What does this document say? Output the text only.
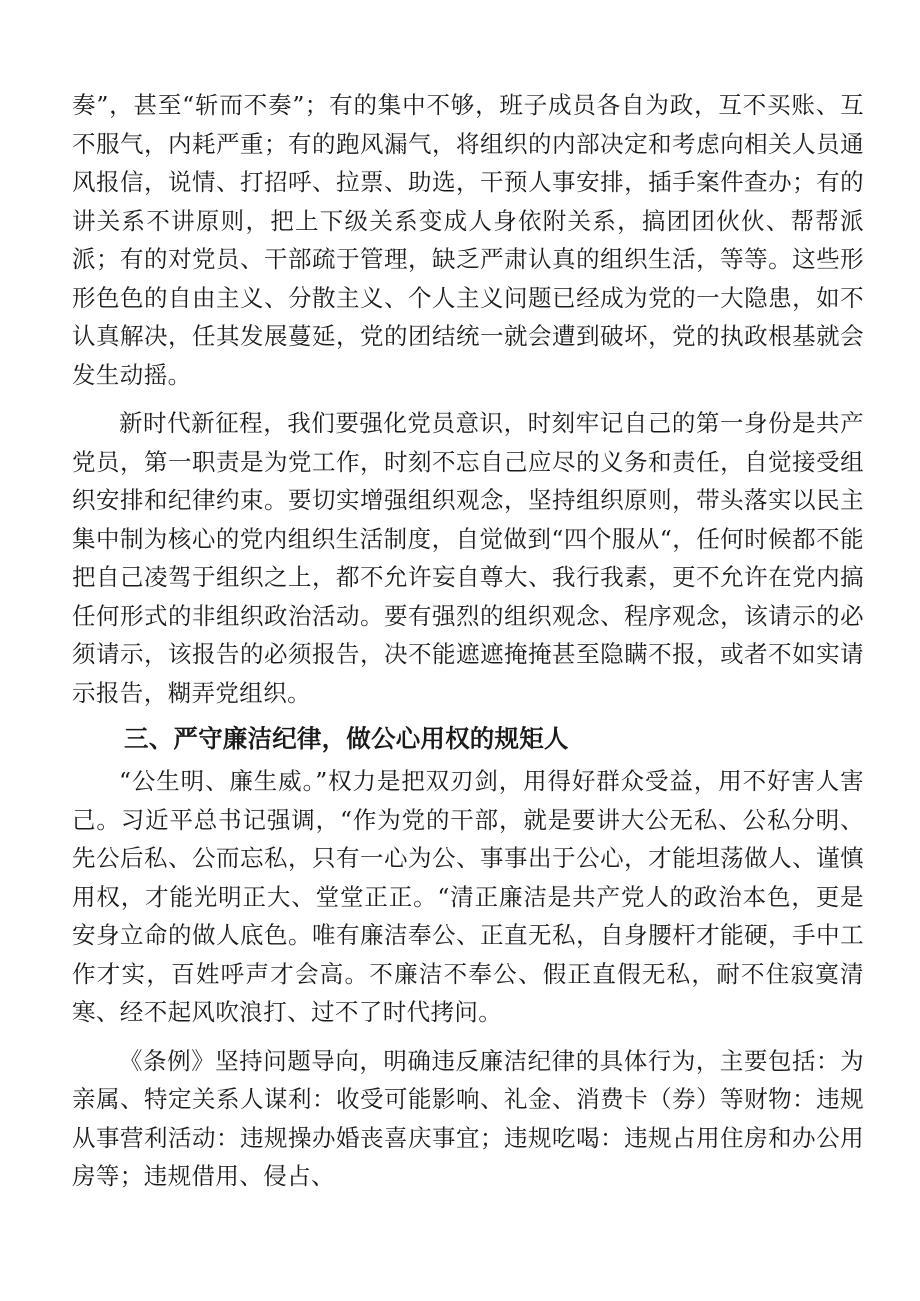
奏”，甚至“斩而不奏”；有的集中不够，班子成员各自为政，互不买账、互不服气，内耗严重；有的跑风漏气，将组织的内部决定和考虑向相关人员通风报信，说情、打招呼、拉票、助选，干预人事安排，插手案件查办；有的讲关系不讲原则，把上下级关系变成人身依附关系，搞团团伙伙、帮帮派派；有的对党员、干部疏于管理，缺乏严肃认真的组织生活，等等。这些形形色色的自由主义、分散主义、个人主义问题已经成为党的一大隐患，如不认真解决，任其发展蔓延，党的团结统一就会遭到破坏，党的执政根基就会发生动摇。

新时代新征程，我们要强化党员意识，时刻牢记自己的第一身份是共产党员，第一职责是为党工作，时刻不忘自己应尽的义务和责任，自觉接受组织安排和纪律约束。要切实增强组织观念，坚持组织原则，带头落实以民主集中制为核心的党内组织生活制度，自觉做到“四个服从“，任何时候都不能把自己凌驾于组织之上，都不允许妄自尊大、我行我素，更不允许在党内搞任何形式的非组织政治活动。要有强烈的组织观念、程序观念，该请示的必须请示，该报告的必须报告，决不能遮遮掩掩甚至隐瞒不报，或者不如实请示报告，糊弄党组织。

三、严守廉洁纪律，做公心用权的规矩人

“公生明、廉生威。”权力是把双刃剑，用得好群众受益，用不好害人害己。习近平总书记强调，“作为党的干部，就是要讲大公无私、公私分明、先公后私、公而忘私，只有一心为公、事事出于公心，才能坦荡做人、谨慎用权，才能光明正大、堂堂正正。“清正廉洁是共产党人的政治本色，更是安身立命的做人底色。唯有廉洁奉公、正直无私，自身腰杆才能硬，手中工作才实，百姓呼声才会高。不廉洁不奉公、假正直假无私，耐不住寂寞清寒、经不起风吹浪打、过不了时代拷问。

《条例》坚持问题导向，明确违反廉洁纪律的具体行为，主要包括：为亲属、特定关系人谋利：收受可能影响、礼金、消费卡（券）等财物：违规从事营利活动：违规操办婚丧喜庆事宜；违规吃喝：违规占用住房和办公用房等；违规借用、侵占、
